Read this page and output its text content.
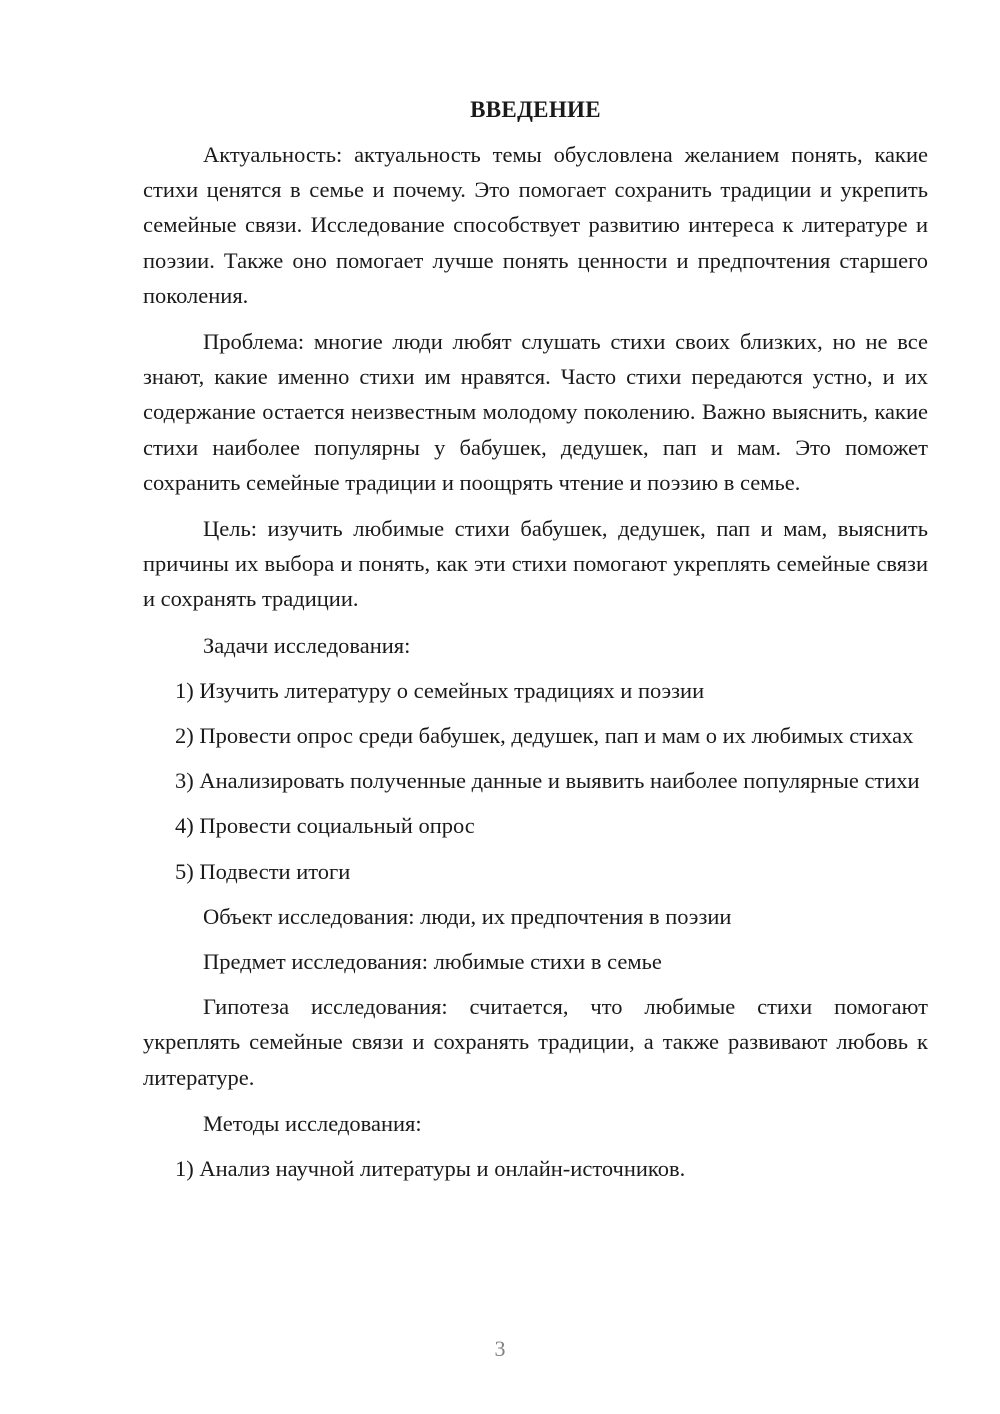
ВВЕДЕНИЕ

Актуальность: актуальность темы обусловлена желанием понять, какие стихи ценятся в семье и почему. Это помогает сохранить традиции и укрепить семейные связи. Исследование способствует развитию интереса к литературе и поэзии. Также оно помогает лучше понять ценности и предпочтения старшего поколения.

Проблема: многие люди любят слушать стихи своих близких, но не все знают, какие именно стихи им нравятся. Часто стихи передаются устно, и их содержание остается неизвестным молодому поколению. Важно выяснить, какие стихи наиболее популярны у бабушек, дедушек, пап и мам. Это поможет сохранить семейные традиции и поощрять чтение и поэзию в семье.

Цель: изучить любимые стихи бабушек, дедушек, пап и мам, выяснить причины их выбора и понять, как эти стихи помогают укреплять семейные связи и сохранять традиции.

Задачи исследования:

1) Изучить литературу о семейных традициях и поэзии

2) Провести опрос среди бабушек, дедушек, пап и мам о их любимых стихах

3) Анализировать полученные данные и выявить наиболее популярные стихи

4) Провести социальный опрос

5) Подвести итоги

Объект исследования: люди, их предпочтения в поэзии

Предмет исследования: любимые стихи в семье

Гипотеза исследования: считается, что любимые стихи помогают укреплять семейные связи и сохранять традиции, а также развивают любовь к литературе.

Методы исследования:

1) Анализ научной литературы и онлайн-источников.

3
